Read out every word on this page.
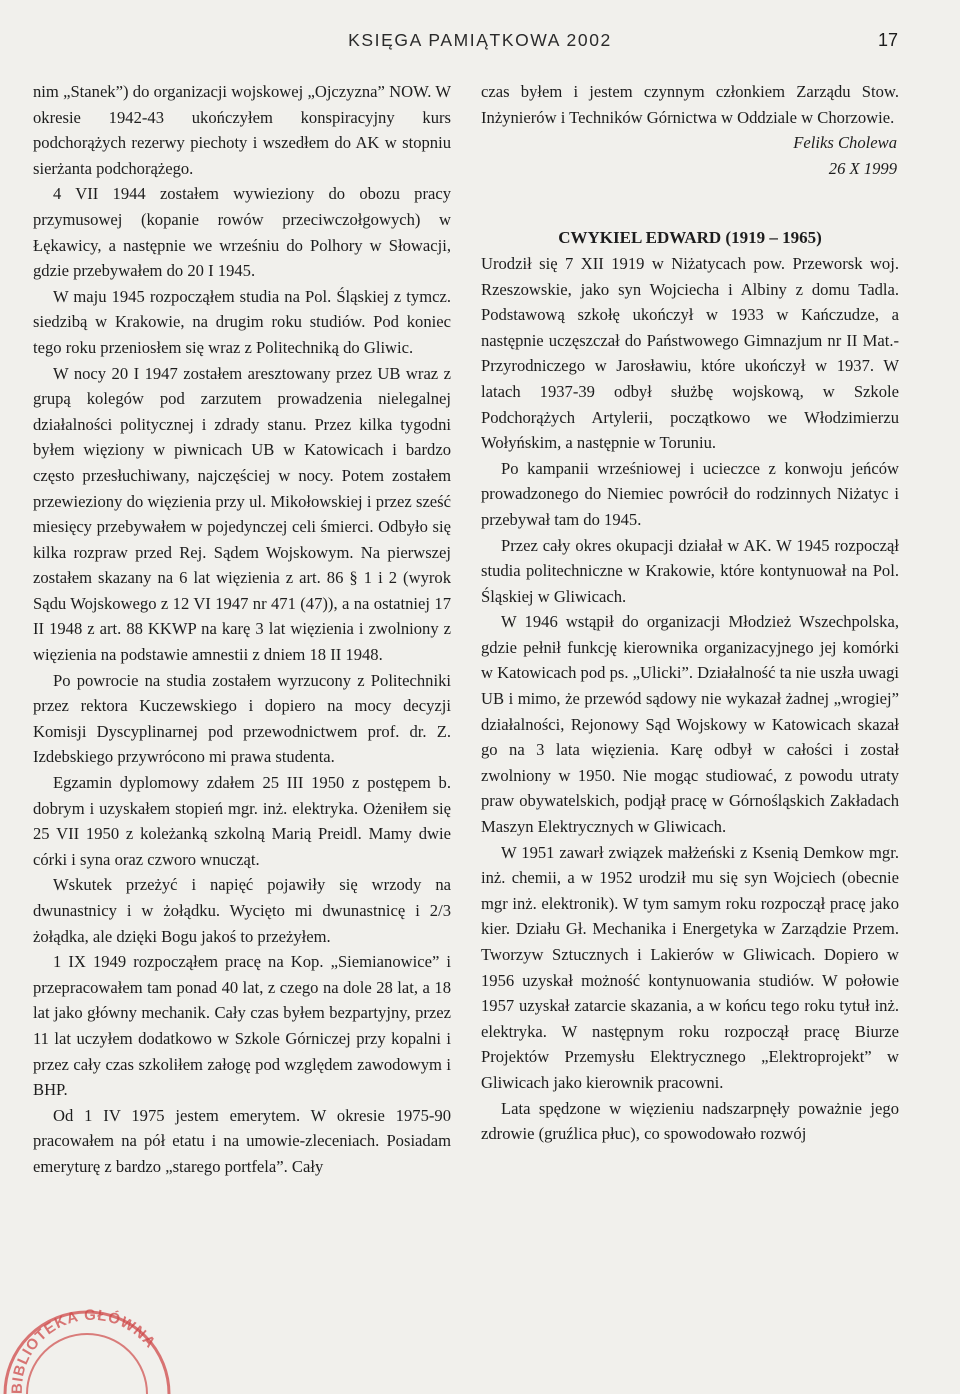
KSIĘGA PAMIĄTKOWA 2002	17

nim „Stanek”) do organizacji wojskowej „Ojczyzna” NOW. W okresie 1942-43 ukończyłem konspiracyjny kurs podchorążych rezerwy piechoty i wszedłem do AK w stopniu sierżanta podchorążego.

4 VII 1944 zostałem wywieziony do obozu pracy przymusowej (kopanie rowów przeciwczołgowych) w Łękawicy, a następnie we wrześniu do Polhory w Słowacji, gdzie przebywałem do 20 I 1945.

W maju 1945 rozpocząłem studia na Pol. Śląskiej z tymcz. siedzibą w Krakowie, na drugim roku studiów. Pod koniec tego roku przeniosłem się wraz z Politechniką do Gliwic.

W nocy 20 I 1947 zostałem aresztowany przez UB wraz z grupą kolegów pod zarzutem prowadzenia nielegalnej działalności politycznej i zdrady stanu. Przez kilka tygodni byłem więziony w piwnicach UB w Katowicach i bardzo często przesłuchiwany, najczęściej w nocy. Potem zostałem przewieziony do więzienia przy ul. Mikołowskiej i przez sześć miesięcy przebywałem w pojedynczej celi śmierci. Odbyło się kilka rozpraw przed Rej. Sądem Wojskowym. Na pierwszej zostałem skazany na 6 lat więzienia z art. 86 § 1 i 2 (wyrok Sądu Wojskowego z 12 VI 1947 nr 471 (47)), a na ostatniej 17 II 1948 z art. 88 KKWP na karę 3 lat więzienia i zwolniony z więzienia na podstawie amnestii z dniem 18 II 1948.

Po powrocie na studia zostałem wyrzucony z Politechniki przez rektora Kuczewskiego i dopiero na mocy decyzji Komisji Dyscyplinarnej pod przewodnictwem prof. dr. Z. Izdebskiego przywrócono mi prawa studenta.

Egzamin dyplomowy zdałem 25 III 1950 z postępem b. dobrym i uzyskałem stopień mgr. inż. elektryka. Ożeniłem się 25 VII 1950 z koleżanką szkolną Marią Preidl. Mamy dwie córki i syna oraz czworo wnucząt.

Wskutek przeżyć i napięć pojawiły się wrzody na dwunastnicy i w żołądku. Wycięto mi dwunastnicę i 2/3 żołądka, ale dzięki Bogu jakoś to przeżyłem.

1 IX 1949 rozpocząłem pracę na Kop. „Siemianowice” i przepracowałem tam ponad 40 lat, z czego na dole 28 lat, a 18 lat jako główny mechanik. Cały czas byłem bezpartyjny, przez 11 lat uczyłem dodatkowo w Szkole Górniczej przy kopalni i przez cały czas szkoliłem załogę pod względem zawodowym i BHP.

Od 1 IV 1975 jestem emerytem. W okresie 1975-90 pracowałem na pół etatu i na umowie-zleceniach. Posiadam emeryturę z bardzo „starego portfela”. Cały

czas byłem i jestem czynnym członkiem Zarządu Stow. Inżynierów i Techników Górnictwa w Oddziale w Chorzowie.

Feliks Cholewa

26 X 1999

CWYKIEL EDWARD (1919 – 1965)

Urodził się 7 XII 1919 w Niżatycach pow. Przeworsk woj. Rzeszowskie, jako syn Wojciecha i Albiny z domu Tadla. Podstawową szkołę ukończył w 1933 w Kańczudze, a następnie uczęszczał do Państwowego Gimnazjum nr II Mat.-Przyrodniczego w Jarosławiu, które ukończył w 1937. W latach 1937-39 odbył służbę wojskową, w Szkole Podchorążych Artylerii, początkowo we Włodzimierzu Wołyńskim, a następnie w Toruniu.

Po kampanii wrześniowej i ucieczce z konwoju jeńców prowadzonego do Niemiec powrócił do rodzinnych Niżatyc i przebywał tam do 1945.

Przez cały okres okupacji działał w AK. W 1945 rozpoczął studia politechniczne w Krakowie, które kontynuował na Pol. Śląskiej w Gliwicach.

W 1946 wstąpił do organizacji Młodzież Wszechpolska, gdzie pełnił funkcję kierownika organizacyjnego jej komórki w Katowicach pod ps. „Ulicki”. Działalność ta nie uszła uwagi UB i mimo, że przewód sądowy nie wykazał żadnej „wrogiej” działalności, Rejonowy Sąd Wojskowy w Katowicach skazał go na 3 lata więzienia. Karę odbył w całości i został zwolniony w 1950. Nie mogąc studiować, z powodu utraty praw obywatelskich, podjął pracę w Górnośląskich Zakładach Maszyn Elektrycznych w Gliwicach.

W 1951 zawarł związek małżeński z Ksenią Demkow mgr. inż. chemii, a w 1952 urodził mu się syn Wojciech (obecnie mgr inż. elektronik). W tym samym roku rozpoczął pracę jako kier. Działu Gł. Mechanika i Energetyka w Zarządzie Przem. Tworzyw Sztucznych i Lakierów w Gliwicach. Dopiero w 1956 uzyskał możność kontynuowania studiów. W połowie 1957 uzyskał zatarcie skazania, a w końcu tego roku tytuł inż. elektryka. W następnym roku rozpoczął pracę Biurze Projektów Przemysłu Elektrycznego „Elektroprojekt” w Gliwicach jako kierownik pracowni.

Lata spędzone w więzieniu nadszarpnęły poważnie jego zdrowie (gruźlica płuc), co spowodowało rozwój

BIBLIOTEKA GŁÓWNA
